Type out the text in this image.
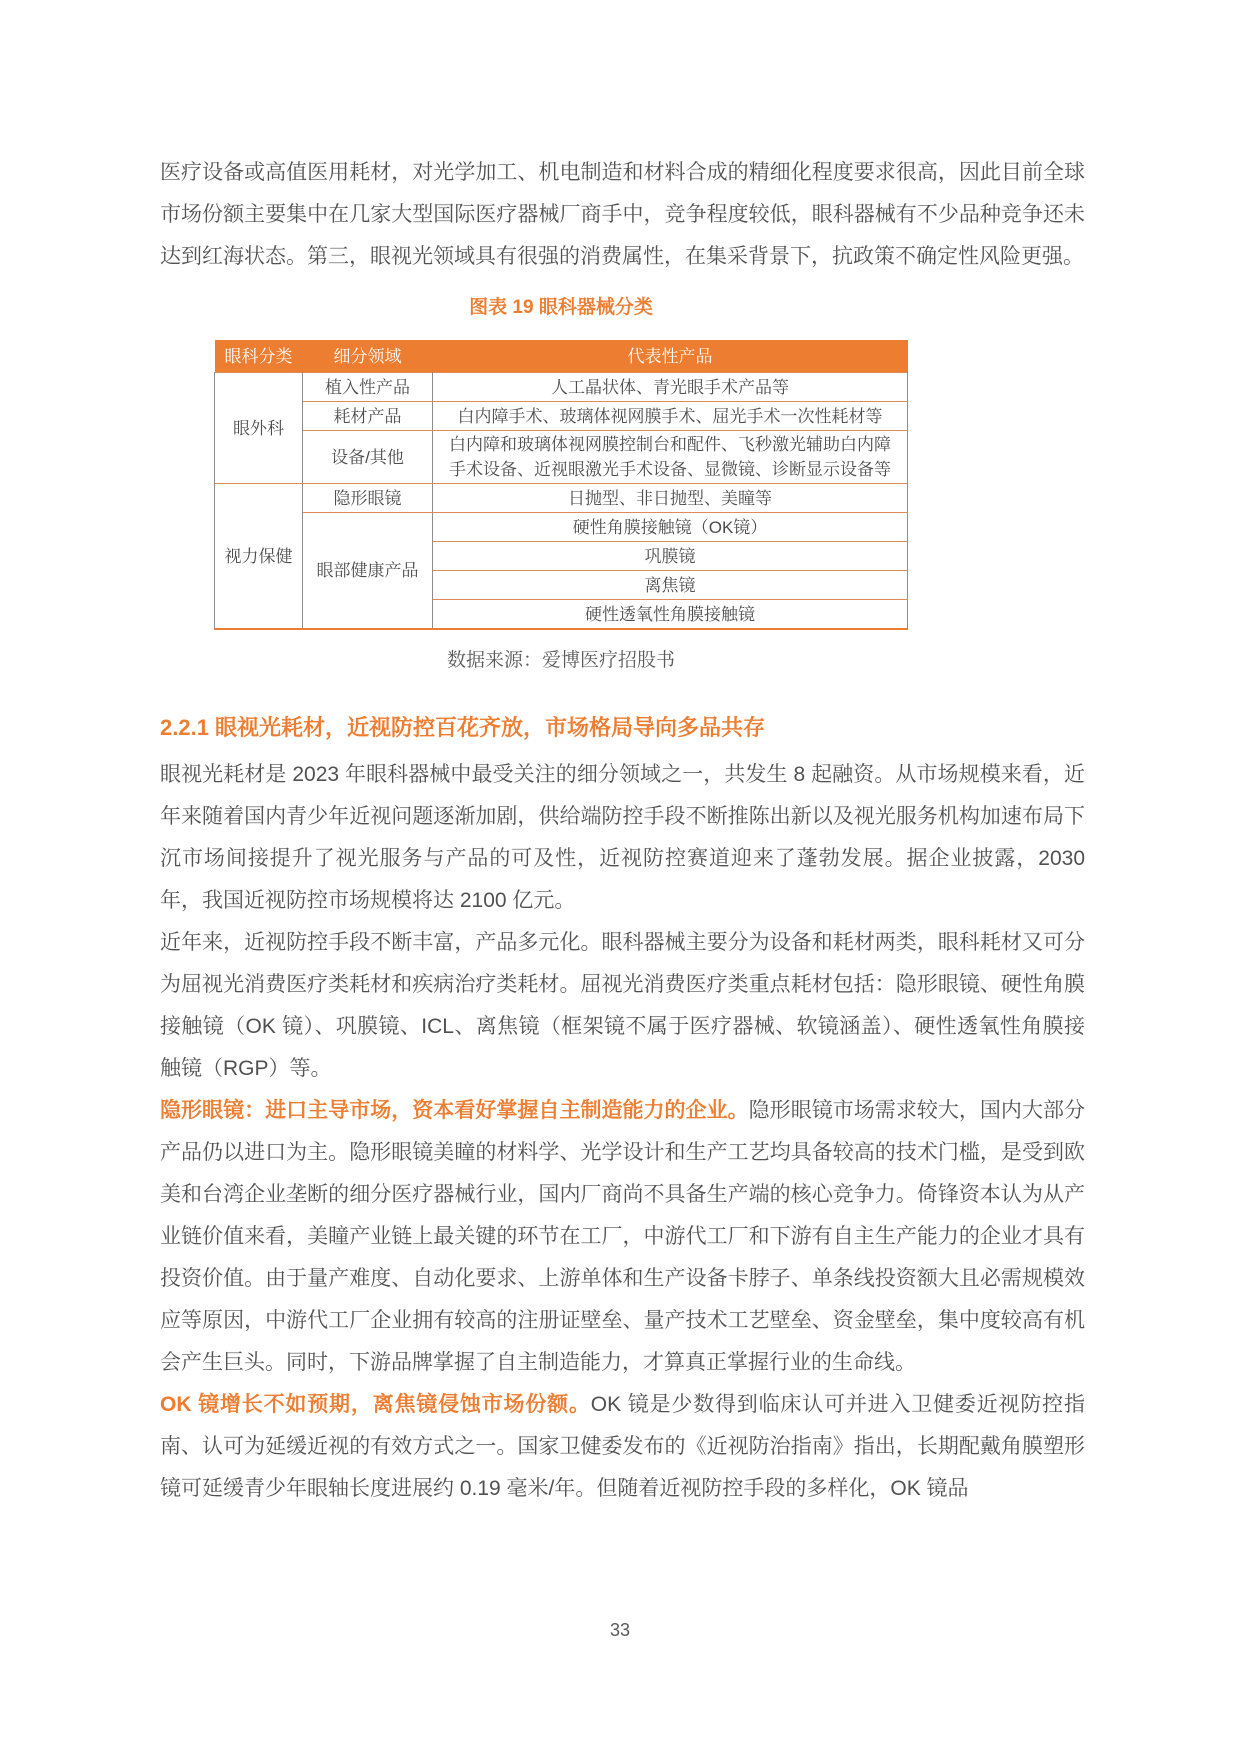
医疗设备或高值医用耗材，对光学加工、机电制造和材料合成的精细化程度要求很高，因此目前全球市场份额主要集中在几家大型国际医疗器械厂商手中，竞争程度较低，眼科器械有不少品种竞争还未达到红海状态。第三，眼视光领域具有很强的消费属性，在集采背景下，抗政策不确定性风险更强。

图表 19 眼科器械分类
眼科分类	细分领域	代表性产品
眼外科	植入性产品	人工晶状体、青光眼手术产品等
	耗材产品	白内障手术、玻璃体视网膜手术、屈光手术一次性耗材等
	设备/其他	白内障和玻璃体视网膜控制台和配件、飞秒激光辅助白内障手术设备、近视眼激光手术设备、显微镜、诊断显示设备等
视力保健	隐形眼镜	日抛型、非日抛型、美瞳等
	眼部健康产品	硬性角膜接触镜（OK镜）
		巩膜镜
		离焦镜
		硬性透氧性角膜接触镜
数据来源：爱博医疗招股书
2.2.1 眼视光耗材，近视防控百花齐放，市场格局导向多品共存

眼视光耗材是 2023 年眼科器械中最受关注的细分领域之一，共发生 8 起融资。从市场规模来看，近年来随着国内青少年近视问题逐渐加剧，供给端防控手段不断推陈出新以及视光服务机构加速布局下沉市场间接提升了视光服务与产品的可及性，近视防控赛道迎来了蓬勃发展。据企业披露，2030 年，我国近视防控市场规模将达 2100 亿元。

近年来，近视防控手段不断丰富，产品多元化。眼科器械主要分为设备和耗材两类，眼科耗材又可分为屈视光消费医疗类耗材和疾病治疗类耗材。屈视光消费医疗类重点耗材包括：隐形眼镜、硬性角膜接触镜（OK 镜）、巩膜镜、ICL、离焦镜（框架镜不属于医疗器械、软镜涵盖）、硬性透氧性角膜接触镜（RGP）等。

隐形眼镜：进口主导市场，资本看好掌握自主制造能力的企业。隐形眼镜市场需求较大，国内大部分产品仍以进口为主。隐形眼镜美瞳的材料学、光学设计和生产工艺均具备较高的技术门槛，是受到欧美和台湾企业垄断的细分医疗器械行业，国内厂商尚不具备生产端的核心竞争力。倚锋资本认为从产业链价值来看，美瞳产业链上最关键的环节在工厂，中游代工厂和下游有自主生产能力的企业才具有投资价值。由于量产难度、自动化要求、上游单体和生产设备卡脖子、单条线投资额大且必需规模效应等原因，中游代工厂企业拥有较高的注册证壁垒、量产技术工艺壁垒、资金壁垒，集中度较高有机会产生巨头。同时，下游品牌掌握了自主制造能力，才算真正掌握行业的生命线。

OK 镜增长不如预期，离焦镜侵蚀市场份额。OK 镜是少数得到临床认可并进入卫健委近视防控指南、认可为延缓近视的有效方式之一。国家卫健委发布的《近视防治指南》指出，长期配戴角膜塑形镜可延缓青少年眼轴长度进展约 0.19 毫米/年。但随着近视防控手段的多样化，OK 镜品

33
